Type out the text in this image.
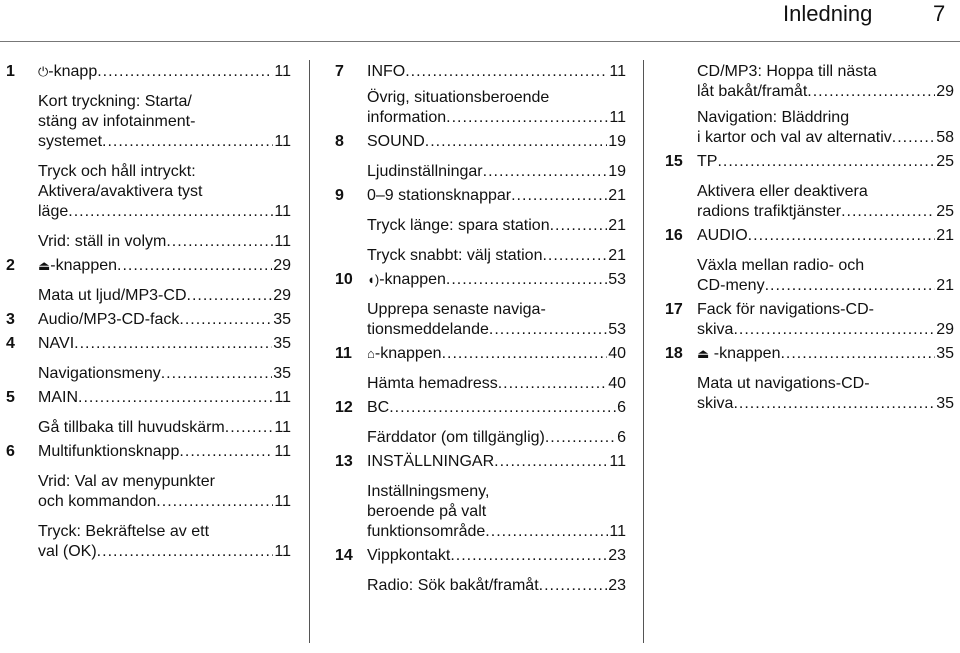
Inledning	7
1 ⏻ -knapp .....	11
Kort tryckning: Starta/
stäng av infotainment-
systemet .....	11
Tryck och håll intryckt:
Aktivera/avaktivera tyst
läge .....	11
Vrid: ställ in volym .....	11
2 ⏏ -knappen .....	29
Mata ut ljud/MP3-CD .....	29
3 Audio/MP3-CD-fack .....	35
4 NAVI .....	35
Navigationsmeny .....	35
5 MAIN .....	11
Gå tillbaka till huvudskärm .....	11
6 Multifunktionsknapp .....	11
Vrid: Val av menypunkter
och kommandon .....	11
Tryck: Bekräftelse av ett
val (OK) .....	11
7 INFO .....	11
Övrig, situationsberoende
information .....	11
8 SOUND .....	19
Ljudinställningar .....	19
9 0–9 stationsknappar .....	21
Tryck länge: spara station .....	21
Tryck snabbt: välj station .....	21
10 ◖) -knappen .....	53
Upprepa senaste naviga-
tionsmeddelande .....	53
11 ⌂ -knappen .....	40
Hämta hemadress .....	40
12 BC .....	6
Färddator (om tillgänglig) .....	6
13 INSTÄLLNINGAR .....	11
Inställningsmeny,
beroende på valt
funktionsområde .....	11
14 Vippkontakt .....	23
Radio: Sök bakåt/framåt .....	23
CD/MP3: Hoppa till nästa
låt bakåt/framåt .....	29
Navigation: Bläddring
i kartor och val av alternativ .....	58
15 TP .....	25
Aktivera eller deaktivera
radions trafiktjänster .....	25
16 AUDIO .....	21
Växla mellan radio- och
CD-meny .....	21
17 Fack för navigations-CD-
skiva .....	29
18 ⏏ -knappen .....	35
Mata ut navigations-CD-
skiva .....	35
